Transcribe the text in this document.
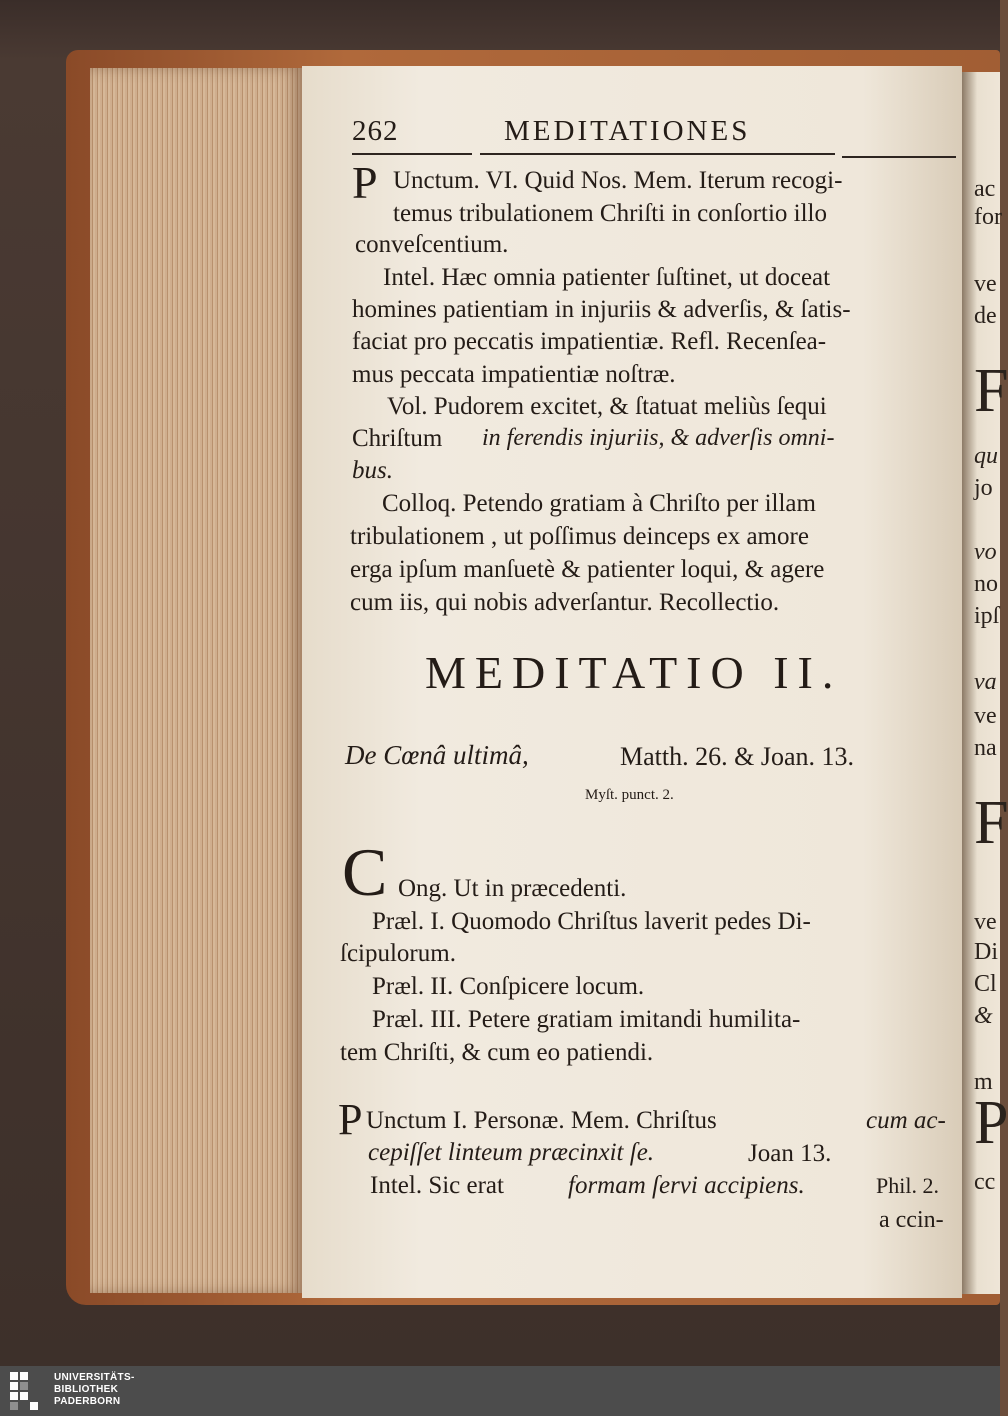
ac
for
ve
de
F
qu
jo
vo
no
ipſ
va
ve
na
F
ve
Di
Cl
&
m
P
cc
262	MEDITATIONES
P Unctum. VI. Quid Nos. Mem. Iterum recogi-
temus tribulationem Chriſti in conſortio illo
conveſcentium.
Intel. Hæc omnia patienter ſuſtinet, ut doceat
homines patientiam in injuriis & adverſis, & ſatis-
faciat pro peccatis impatientiæ. Refl. Recenſea-
mus peccata impatientiæ noſtræ.
Vol. Pudorem excitet, & ſtatuat meliùs ſequi
Chriſtum in ferendis injuriis, & adverſis omni-
bus.
Colloq. Petendo gratiam à Chriſto per illam
tribulationem , ut poſſimus deinceps ex amore
erga ipſum manſuetè & patienter loqui, & agere
cum iis, qui nobis adverſantur. Recollectio.
MEDITATIO II.
De Cœnâ ultimâ,	Matth. 26. & Joan. 13.
Myſt. punct. 2.
C Ong. Ut in præcedenti.
Præl. I. Quomodo Chriſtus laverit pedes Di-
ſcipulorum.
Præl. II. Conſpicere locum.
Præl. III. Petere gratiam imitandi humilita-
tem Chriſti, & cum eo patiendi.
P Unctum I. Personæ. Mem. Chriſtus	cum ac-
cepiſſet linteum præcinxit ſe.	Joan 13.
Intel. Sic erat	formam ſervi accipiens.	Phil. 2.
a ccin-
UNIVERSITÄTS-
BIBLIOTHEK
PADERBORN
